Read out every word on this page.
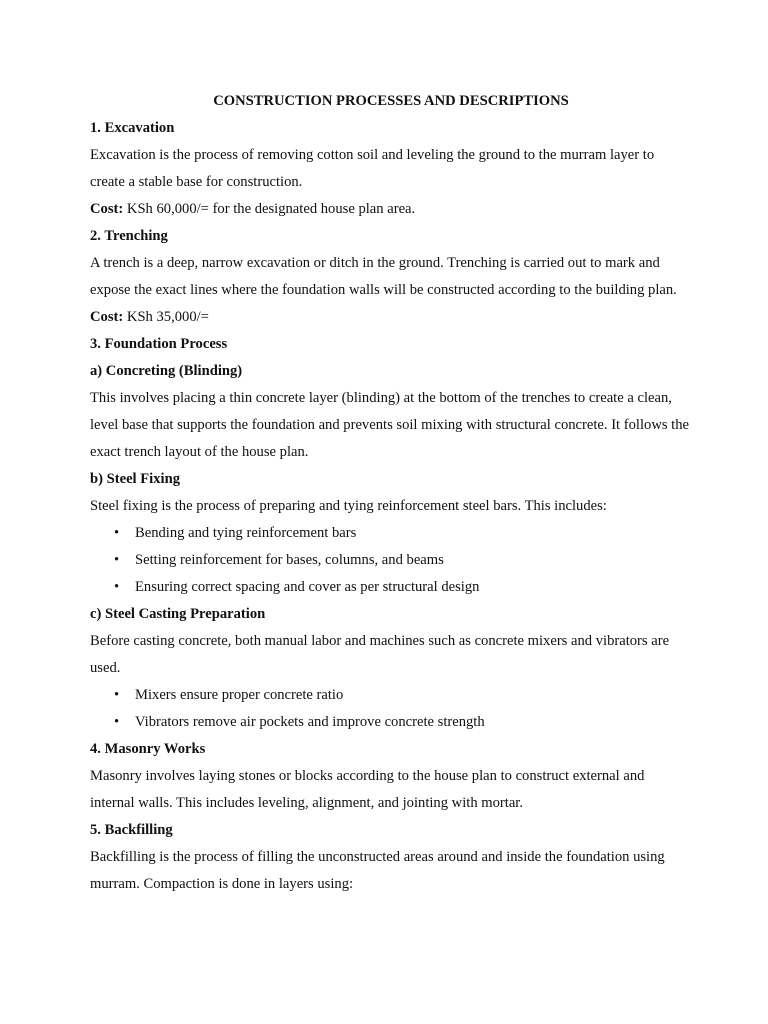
CONSTRUCTION PROCESSES AND DESCRIPTIONS

1. Excavation

Excavation is the process of removing cotton soil and leveling the ground to the murram layer to create a stable base for construction.

Cost: KSh 60,000/= for the designated house plan area.

2. Trenching

A trench is a deep, narrow excavation or ditch in the ground. Trenching is carried out to mark and expose the exact lines where the foundation walls will be constructed according to the building plan.

Cost: KSh 35,000/=

3. Foundation Process

a) Concreting (Blinding)

This involves placing a thin concrete layer (blinding) at the bottom of the trenches to create a clean, level base that supports the foundation and prevents soil mixing with structural concrete. It follows the exact trench layout of the house plan.

b) Steel Fixing

Steel fixing is the process of preparing and tying reinforcement steel bars. This includes:

• Bending and tying reinforcement bars
• Setting reinforcement for bases, columns, and beams
• Ensuring correct spacing and cover as per structural design

c) Steel Casting Preparation

Before casting concrete, both manual labor and machines such as concrete mixers and vibrators are used.

• Mixers ensure proper concrete ratio
• Vibrators remove air pockets and improve concrete strength

4. Masonry Works

Masonry involves laying stones or blocks according to the house plan to construct external and internal walls. This includes leveling, alignment, and jointing with mortar.

5. Backfilling

Backfilling is the process of filling the unconstructed areas around and inside the foundation using murram. Compaction is done in layers using:
